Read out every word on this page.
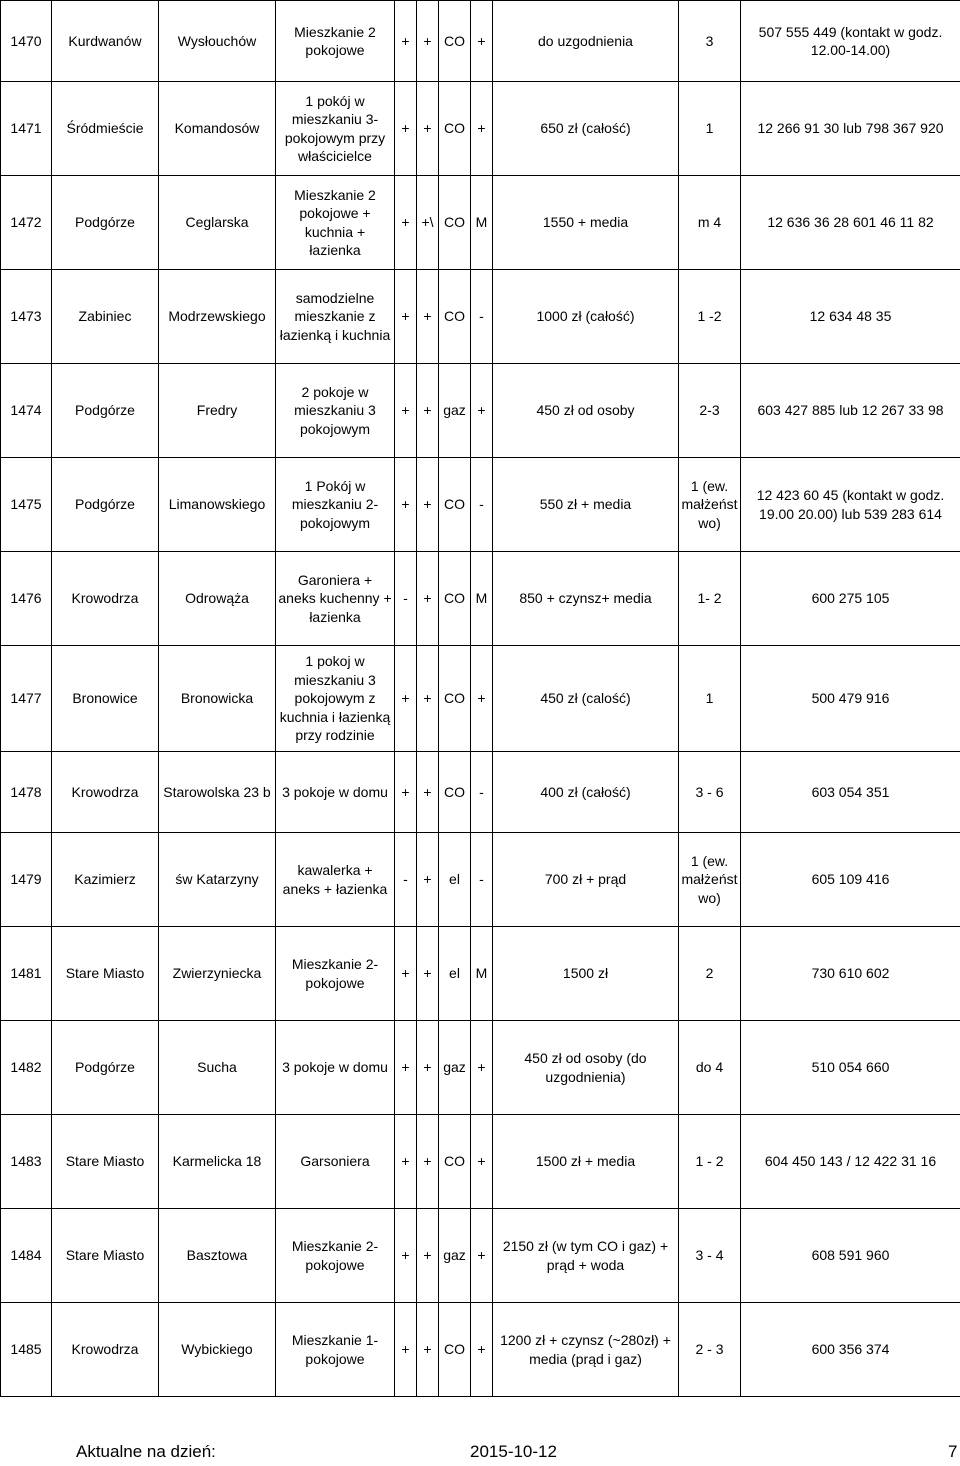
1470	Kurdwanów	Wysłouchów	Mieszkanie 2 pokojowe	+	+	CO	+	do uzgodnienia	3	507 555 449 (kontakt w godz. 12.00-14.00)
1471	Śródmieście	Komandosów	1 pokój w mieszkaniu 3-pokojowym przy właścicielce	+	+	CO	+	650 zł (całość)	1	12 266 91 30 lub 798 367 920
1472	Podgórze	Ceglarska	Mieszkanie 2 pokojowe + kuchnia + łazienka	+	+\	CO	M	1550 + media	m 4	12 636 36 28 601 46 11 82
1473	Zabiniec	Modrzewskiego	samodzielne mieszkanie z łazienką i kuchnia	+	+	CO	-	1000 zł (całość)	1 -2	12 634 48 35
1474	Podgórze	Fredry	2 pokoje w mieszkaniu 3 pokojowym	+	+	gaz	+	450 zł od osoby	2-3	603 427 885 lub 12 267 33 98
1475	Podgórze	Limanowskiego	1 Pokój w mieszkaniu 2-pokojowym	+	+	CO	-	550 zł + media	1 (ew. małżeńst wo)	12 423 60 45 (kontakt w godz. 19.00 20.00) lub 539 283 614
1476	Krowodrza	Odrowąża	Garoniera + aneks kuchenny + łazienka	-	+	CO	M	850 + czynsz+ media	1- 2	600 275 105
1477	Bronowice	Bronowicka	1 pokoj w mieszkaniu 3 pokojowym z kuchnia i łazienką przy rodzinie	+	+	CO	+	450 zł (calość)	1	500 479 916
1478	Krowodrza	Starowolska 23 b	3 pokoje w domu	+	+	CO	-	400 zł (całość)	3 - 6	603 054 351
1479	Kazimierz	św Katarzyny	kawalerka + aneks + łazienka	-	+	el	-	700 zł + prąd	1 (ew. małżeńst wo)	605 109 416
1481	Stare Miasto	Zwierzyniecka	Mieszkanie 2-pokojowe	+	+	el	M	1500 zł	2	730 610 602
1482	Podgórze	Sucha	3 pokoje w domu	+	+	gaz	+	450 zł od osoby (do uzgodnienia)	do 4	510 054 660
1483	Stare Miasto	Karmelicka 18	Garsoniera	+	+	CO	+	1500 zł + media	1 - 2	604 450 143 / 12 422 31 16
1484	Stare Miasto	Basztowa	Mieszkanie 2-pokojowe	+	+	gaz	+	2150 zł (w tym CO i gaz) + prąd + woda	3 - 4	608 591 960
1485	Krowodrza	Wybickiego	Mieszkanie 1-pokojowe	+	+	CO	+	1200 zł + czynsz (~280zł) + media (prąd i gaz)	2 - 3	600 356 374
Aktualne na dzień:	2015-10-12	7
